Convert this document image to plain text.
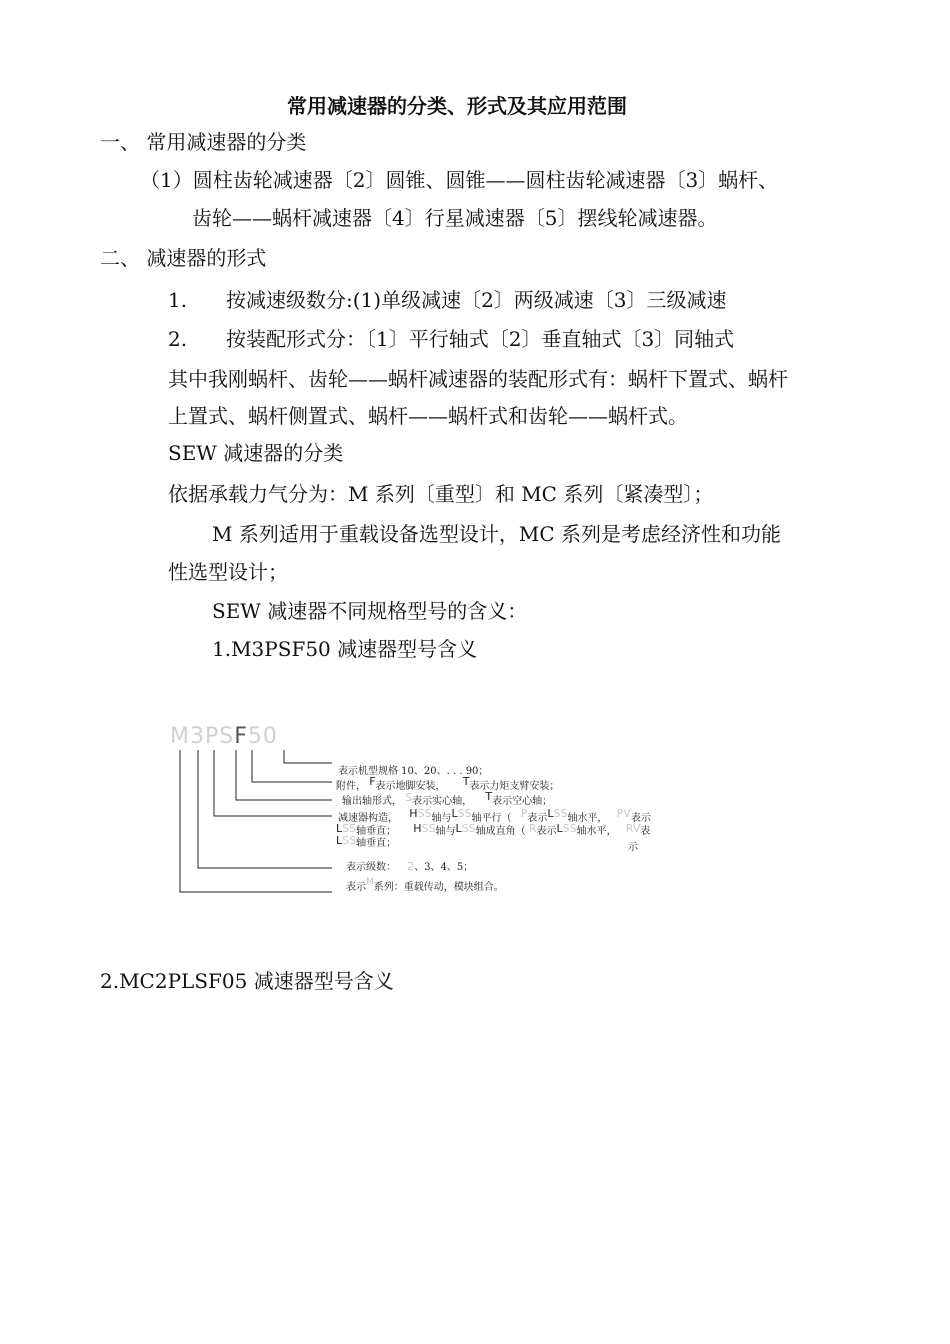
常用减速器的分类、形式及其应用范围
一、 常用减速器的分类
（1）圆柱齿轮减速器〔2〕圆锥、圆锥——圆柱齿轮减速器〔3〕蜗杆、
齿轮——蜗杆减速器〔4〕行星减速器〔5〕摆线轮减速器。
二、 减速器的形式
1. 按减速级数分:(1)单级减速〔2〕两级减速〔3〕三级减速
2. 按装配形式分：〔1〕平行轴式〔2〕垂直轴式〔3〕同轴式
其中我刚蜗杆、齿轮——蜗杆减速器的装配形式有：蜗杆下置式、蜗杆
上置式、蜗杆侧置式、蜗杆——蜗杆式和齿轮——蜗杆式。
SEW 减速器的分类
依据承载力气分为：M 系列〔重型〕和 MC 系列〔紧凑型〕；
M 系列适用于重载设备选型设计，MC 系列是考虑经济性和功能
性选型设计；
SEW 减速器不同规格型号的含义：
1.M3PSF50 减速器型号含义
M3PSF50
表示机型规格 10、20、. . . 90；
附件， F表示地脚安装， T表示力矩支臂安装；
输出轴形式， S表示实心轴， T表示空心轴；
减速器构造， HSS轴与LSS轴平行（ P表示LSS轴水平， PV表示
LSS轴垂直； HSS轴与LSS轴成直角（ R表示LSS轴水平， RV表
LSS轴垂直；	示
表示级数： 2、3、4、5；
表示M系列：重载传动，模块组合。
2.MC2PLSF05 减速器型号含义
